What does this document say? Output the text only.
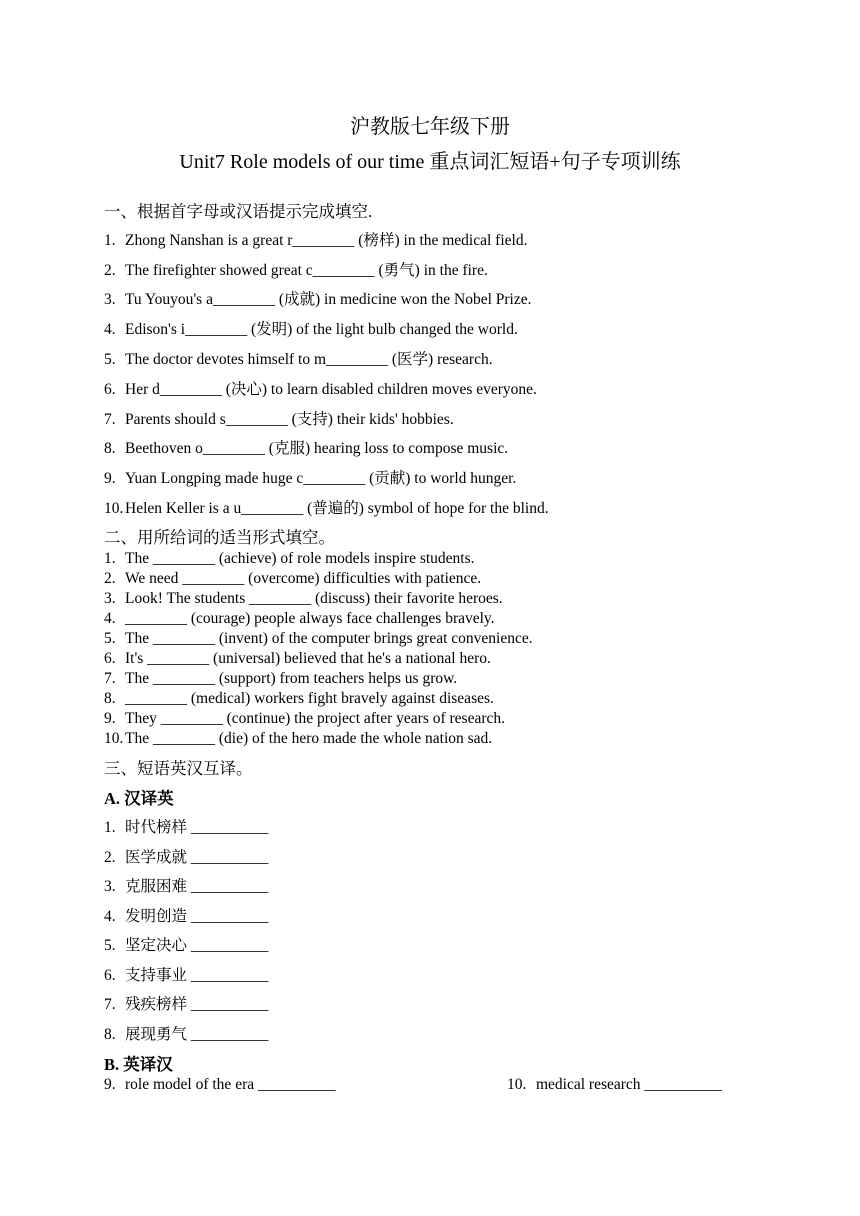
沪教版七年级下册
Unit7 Role models of our time 重点词汇短语+句子专项训练
一、根据首字母或汉语提示完成填空.
1. Zhong Nanshan is a great r________ (榜样) in the medical field.
2. The firefighter showed great c________ (勇气) in the fire.
3. Tu Youyou's a________ (成就) in medicine won the Nobel Prize.
4. Edison's i________ (发明) of the light bulb changed the world.
5. The doctor devotes himself to m________ (医学) research.
6. Her d________ (决心) to learn disabled children moves everyone.
7. Parents should s________ (支持) their kids' hobbies.
8. Beethoven o________ (克服) hearing loss to compose music.
9. Yuan Longping made huge c________ (贡献) to world hunger.
10. Helen Keller is a u________ (普遍的) symbol of hope for the blind.
二、用所给词的适当形式填空。
1. The ________ (achieve) of role models inspire students.
2. We need ________ (overcome) difficulties with patience.
3. Look! The students ________ (discuss) their favorite heroes.
4. ________ (courage) people always face challenges bravely.
5. The ________ (invent) of the computer brings great convenience.
6. It's ________ (universal) believed that he's a national hero.
7. The ________ (support) from teachers helps us grow.
8. ________ (medical) workers fight bravely against diseases.
9. They ________ (continue) the project after years of research.
10. The ________ (die) of the hero made the whole nation sad.
三、短语英汉互译。
A. 汉译英
1. 时代榜样 __________
2. 医学成就 __________
3. 克服困难 __________
4. 发明创造 __________
5. 坚定决心 __________
6. 支持事业 __________
7. 残疾榜样 __________
8. 展现勇气 __________
B. 英译汉
9. role model of the era __________	10. medical research __________
